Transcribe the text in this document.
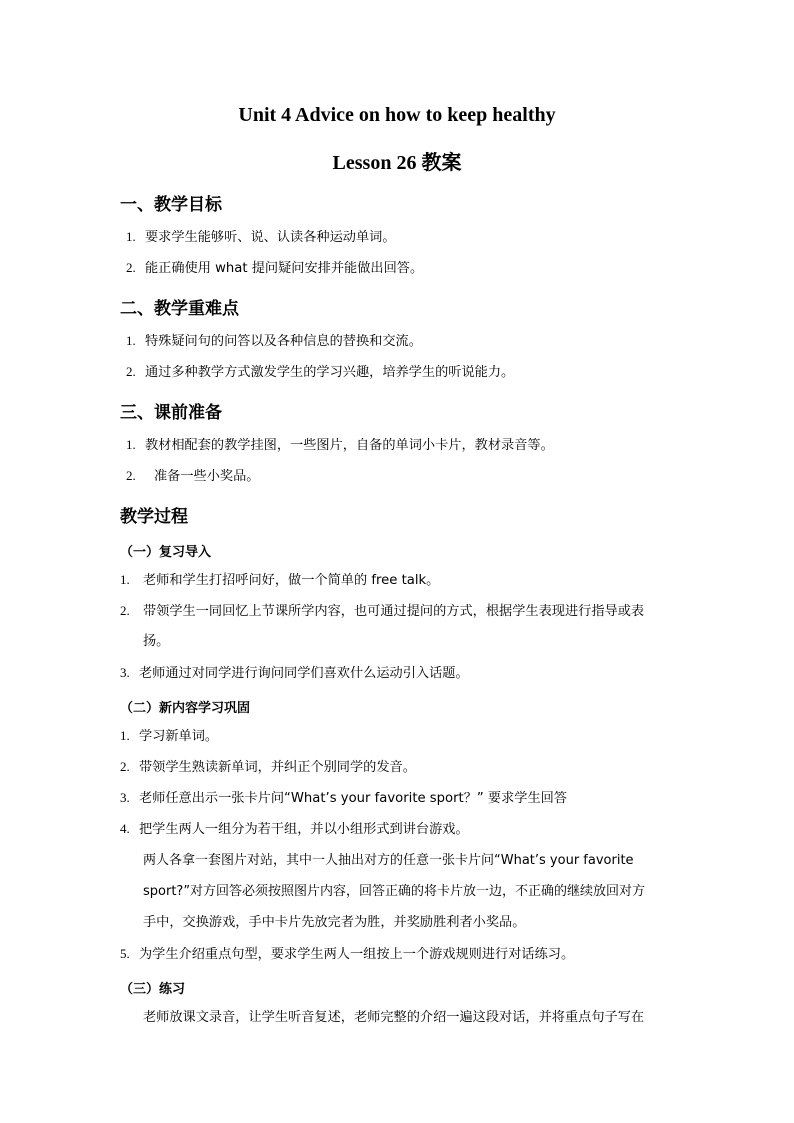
Unit 4 Advice on how to keep healthy
Lesson 26 教案
一、教学目标
1. 要求学生能够听、说、认读各种运动单词。
2. 能正确使用 what 提问疑问安排并能做出回答。
二、教学重难点
1. 特殊疑问句的问答以及各种信息的替换和交流。
2. 通过多种教学方式激发学生的学习兴趣，培养学生的听说能力。
三、课前准备
1. 教材相配套的教学挂图，一些图片，自备的单词小卡片，教材录音等。
2. 准备一些小奖品。
教学过程
（一）复习导入
1. 老师和学生打招呼问好，做一个简单的 free talk。
2. 带领学生一同回忆上节课所学内容，也可通过提问的方式，根据学生表现进行指导或表
扬。
3. 老师通过对同学进行询问同学们喜欢什么运动引入话题。
（二）新内容学习巩固
1. 学习新单词。
2. 带领学生熟读新单词，并纠正个别同学的发音。
3. 老师任意出示一张卡片问“What’s your favorite sport？” 要求学生回答
4. 把学生两人一组分为若干组，并以小组形式到讲台游戏。
两人各拿一套图片对站，其中一人抽出对方的任意一张卡片问“What’s your favorite
sport?”对方回答必须按照图片内容，回答正确的将卡片放一边，不正确的继续放回对方
手中，交换游戏，手中卡片先放完者为胜，并奖励胜利者小奖品。
5. 为学生介绍重点句型，要求学生两人一组按上一个游戏规则进行对话练习。
（三）练习
老师放课文录音，让学生听音复述，老师完整的介绍一遍这段对话，并将重点句子写在
